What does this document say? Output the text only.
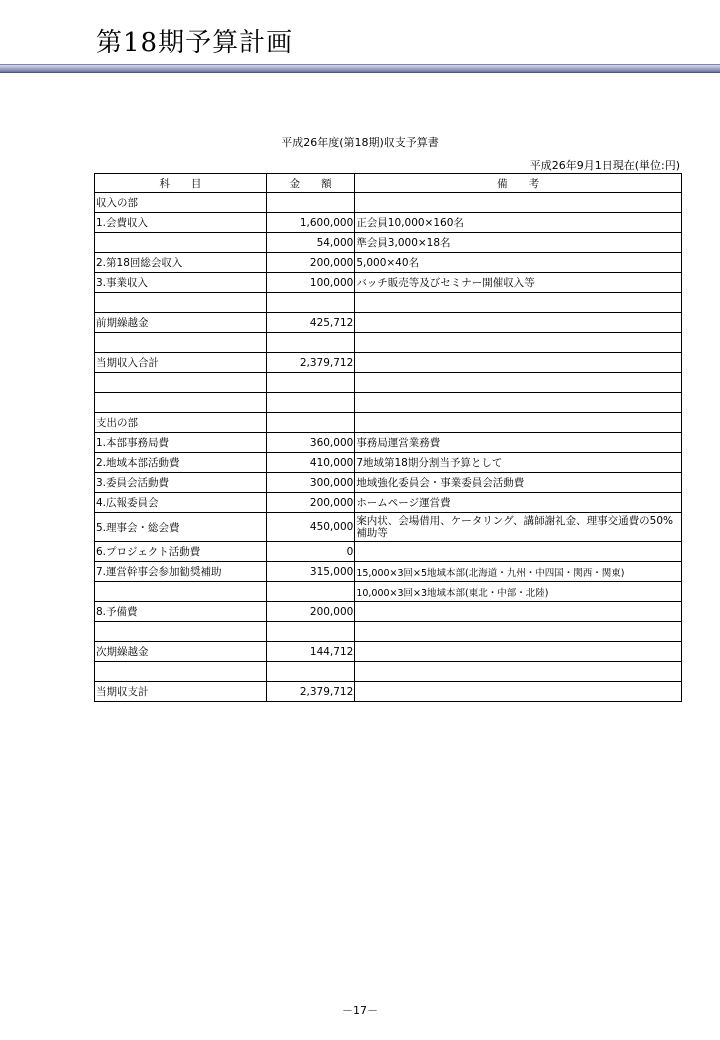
第18期予算計画
平成26年度(第18期)収支予算書
平成26年9月1日現在(単位:円)
科　　目	金　　額	備　　考
収入の部		
1.会費収入	1,600,000	正会員10,000×160名
	54,000	準会員3,000×18名
2.第18回総会収入	200,000	5,000×40名
3.事業収入	100,000	バッチ販売等及びセミナー開催収入等

前期繰越金	425,712	

当期収入合計	2,379,712	

支出の部		
1.本部事務局費	360,000	事務局運営業務費
2.地域本部活動費	410,000	7地域第18期分割当予算として
3.委員会活動費	300,000	地域強化委員会・事業委員会活動費
4.広報委員会	200,000	ホームページ運営費
5.理事会・総会費	450,000	案内状、会場借用、ケータリング、講師謝礼金、理事交通費の50%補助等
6.プロジェクト活動費	0	
7.運営幹事会参加勧奨補助	315,000	15,000×3回×5地域本部(北海道・九州・中四国・関西・関東)
		10,000×3回×3地域本部(東北・中部・北陸)
8.予備費	200,000	

次期繰越金	144,712	

当期収支計	2,379,712	
－17－
